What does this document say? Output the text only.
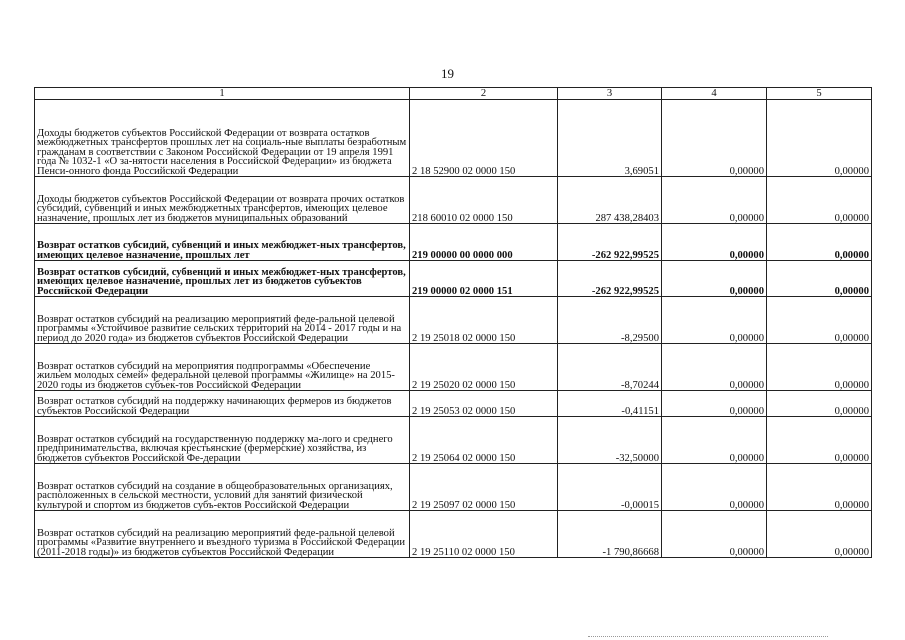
19
1	2	3	4	5
Доходы бюджетов субъектов Российской Федерации от возврата остатков межбюджетных трансфертов прошлых лет на социаль-ные выплаты безработным гражданам в соответствии с Законом Российской Федерации от 19 апреля 1991 года № 1032-1 «О за-нятости населения в Российской Федерации» из бюджета Пенси-онного фонда Российской Федерации	2 18 52900 02 0000 150	3,69051	0,00000	0,00000
Доходы бюджетов субъектов Российской Федерации от возврата прочих остатков субсидий, субвенций и иных межбюджетных трансфертов, имеющих целевое назначение, прошлых лет из бюджетов муниципальных образований	218 60010 02 0000 150	287 438,28403	0,00000	0,00000
Возврат остатков субсидий, субвенций и иных межбюджет-ных трансфертов, имеющих целевое назначение, прошлых лет	219 00000 00 0000 000	-262 922,99525	0,00000	0,00000
Возврат остатков субсидий, субвенций и иных межбюджет-ных трансфертов, имеющих целевое назначение, прошлых лет из бюджетов субъектов Российской Федерации	219 00000 02 0000 151	-262 922,99525	0,00000	0,00000
Возврат остатков субсидий на реализацию мероприятий феде-ральной целевой программы «Устойчивое развитие сельских территорий на 2014 - 2017 годы и на период до 2020 года» из бюджетов субъектов Российской Федерации	2 19 25018 02 0000 150	-8,29500	0,00000	0,00000
Возврат остатков субсидий на мероприятия подпрограммы «Обеспечение жильем молодых семей» федеральной целевой программы «Жилище» на 2015-2020 годы из бюджетов субъек-тов Российской Федерации	2 19 25020 02 0000 150	-8,70244	0,00000	0,00000
Возврат остатков субсидий на поддержку начинающих фермеров из бюджетов субъектов Российской Федерации	2 19 25053 02 0000 150	-0,41151	0,00000	0,00000
Возврат остатков субсидий на государственную поддержку ма-лого и среднего предпринимательства, включая крестьянские (фермерские) хозяйства, из бюджетов субъектов Российской Фе-дерации	2 19 25064 02 0000 150	-32,50000	0,00000	0,00000
Возврат остатков субсидий на создание в общеобразовательных организациях, расположенных в сельской местности, условий для занятий физической культурой и спортом из бюджетов субъ-ектов Российской Федерации	2 19 25097 02 0000 150	-0,00015	0,00000	0,00000
Возврат остатков субсидий на реализацию мероприятий феде-ральной целевой программы «Развитие внутреннего и въездного туризма в Российской Федерации (2011-2018 годы)» из бюджетов субъектов Российской Федерации	2 19 25110 02 0000 150	-1 790,86668	0,00000	0,00000
